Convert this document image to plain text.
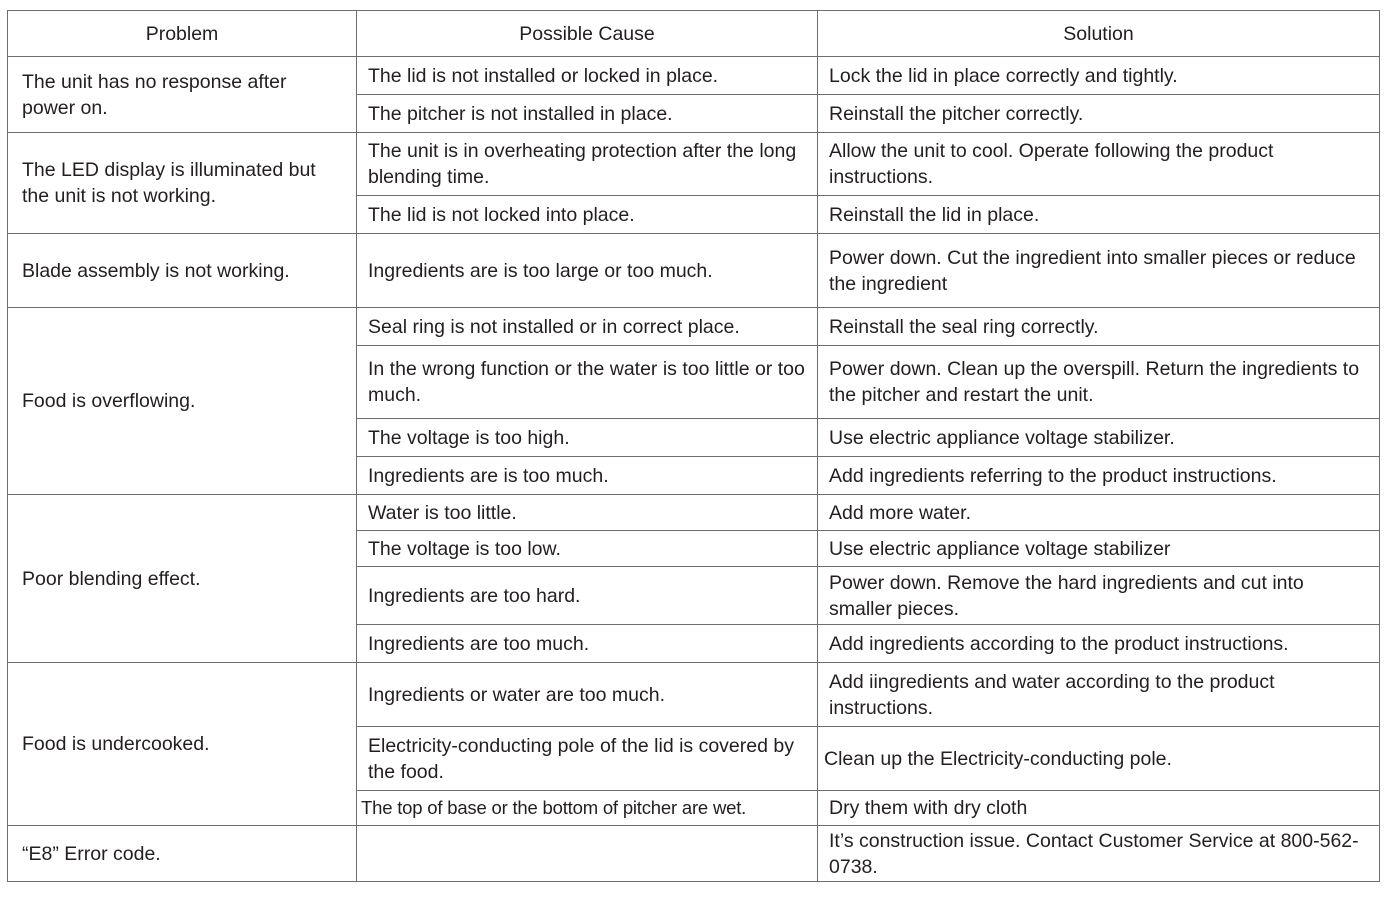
Problem	Possible Cause	Solution
The unit has no response after
power on.	The lid is not installed or locked in place.	Lock the lid in place correctly and tightly.
	The pitcher is not installed in place.	Reinstall the pitcher correctly.
The LED display is illuminated but the unit is not working.	The unit is in overheating protection after the long blending time.	Allow the unit to cool. Operate following the product instructions.
	The lid is not locked into place.	Reinstall the lid in place.
Blade assembly is not working.	Ingredients are is too large or too much.	Power down. Cut the ingredient into smaller pieces or reduce the ingredient
Food is overflowing.	Seal ring is not installed or in correct place.	Reinstall the seal ring correctly.
	In the wrong function or the water is too little or too much.	Power down. Clean up the overspill. Return the ingredients to the pitcher and restart the unit.
	The voltage is too high.	Use electric appliance voltage stabilizer.
	Ingredients are is too much.	Add ingredients referring to the product instructions.
Poor blending effect.	Water is too little.	Add more water.
	The voltage is too low.	Use electric appliance voltage stabilizer
	Ingredients are too hard.	Power down. Remove the hard ingredients and cut into smaller pieces.
	Ingredients are too much.	Add ingredients according to the product instructions.
Food is undercooked.	Ingredients or water are too much.	Add iingredients and water according to the product instructions.
	Electricity-conducting pole of the lid is covered by the food.	Clean up the Electricity-conducting pole.
	The top of base or the bottom of pitcher are wet.	Dry them with dry cloth
“E8” Error code.		It’s construction issue. Contact Customer Service at 800-562-0738.
